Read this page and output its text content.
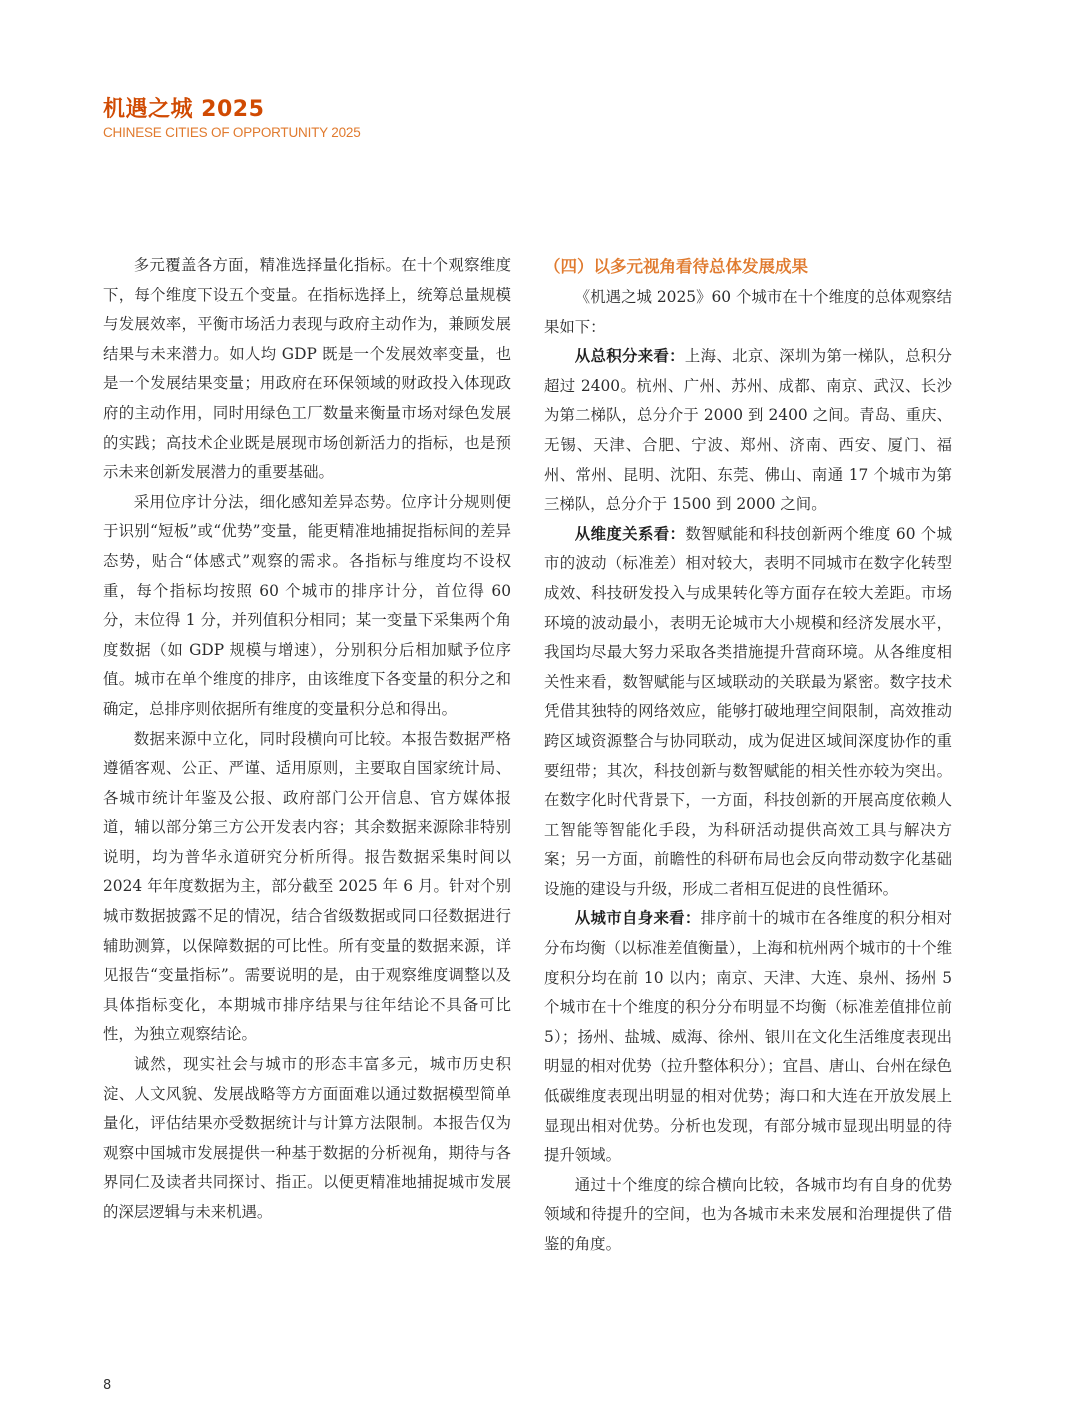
机遇之城 2025
CHINESE CITIES OF OPPORTUNITY 2025

多元覆盖各方面，精准选择量化指标。在十个观察维度下，每个维度下设五个变量。在指标选择上，统筹总量规模与发展效率，平衡市场活力表现与政府主动作为，兼顾发展结果与未来潜力。如人均 GDP 既是一个发展效率变量，也是一个发展结果变量；用政府在环保领域的财政投入体现政府的主动作用，同时用绿色工厂数量来衡量市场对绿色发展的实践；高技术企业既是展现市场创新活力的指标，也是预示未来创新发展潜力的重要基础。

采用位序计分法，细化感知差异态势。位序计分规则便于识别“短板”或“优势”变量，能更精准地捕捉指标间的差异态势，贴合“体感式”观察的需求。各指标与维度均不设权重，每个指标均按照 60 个城市的排序计分，首位得 60 分，末位得 1 分，并列值积分相同；某一变量下采集两个角度数据（如 GDP 规模与增速），分别积分后相加赋予位序值。城市在单个维度的排序，由该维度下各变量的积分之和确定，总排序则依据所有维度的变量积分总和得出。

数据来源中立化，同时段横向可比较。本报告数据严格遵循客观、公正、严谨、适用原则，主要取自国家统计局、各城市统计年鉴及公报、政府部门公开信息、官方媒体报道，辅以部分第三方公开发表内容；其余数据来源除非特别说明，均为普华永道研究分析所得。报告数据采集时间以 2024 年年度数据为主，部分截至 2025 年 6 月。针对个别城市数据披露不足的情况，结合省级数据或同口径数据进行辅助测算，以保障数据的可比性。所有变量的数据来源，详见报告“变量指标”。需要说明的是，由于观察维度调整以及具体指标变化，本期城市排序结果与往年结论不具备可比性，为独立观察结论。

诚然，现实社会与城市的形态丰富多元，城市历史积淀、人文风貌、发展战略等方方面面难以通过数据模型简单量化，评估结果亦受数据统计与计算方法限制。本报告仅为观察中国城市发展提供一种基于数据的分析视角，期待与各界同仁及读者共同探讨、指正。以便更精准地捕捉城市发展的深层逻辑与未来机遇。

（四）以多元视角看待总体发展成果

《机遇之城 2025》60 个城市在十个维度的总体观察结果如下：

从总积分来看：上海、北京、深圳为第一梯队，总积分超过 2400。杭州、广州、苏州、成都、南京、武汉、长沙为第二梯队，总分介于 2000 到 2400 之间。青岛、重庆、无锡、天津、合肥、宁波、郑州、济南、西安、厦门、福州、常州、昆明、沈阳、东莞、佛山、南通 17 个城市为第三梯队，总分介于 1500 到 2000 之间。

从维度关系看：数智赋能和科技创新两个维度 60 个城市的波动（标准差）相对较大，表明不同城市在数字化转型成效、科技研发投入与成果转化等方面存在较大差距。市场环境的波动最小，表明无论城市大小规模和经济发展水平，我国均尽最大努力采取各类措施提升营商环境。从各维度相关性来看，数智赋能与区域联动的关联最为紧密。数字技术凭借其独特的网络效应，能够打破地理空间限制，高效推动跨区域资源整合与协同联动，成为促进区域间深度协作的重要纽带；其次，科技创新与数智赋能的相关性亦较为突出。在数字化时代背景下，一方面，科技创新的开展高度依赖人工智能等智能化手段，为科研活动提供高效工具与解决方案；另一方面，前瞻性的科研布局也会反向带动数字化基础设施的建设与升级，形成二者相互促进的良性循环。

从城市自身来看：排序前十的城市在各维度的积分相对分布均衡（以标准差值衡量），上海和杭州两个城市的十个维度积分均在前 10 以内；南京、天津、大连、泉州、扬州 5 个城市在十个维度的积分分布明显不均衡（标准差值排位前 5）；扬州、盐城、威海、徐州、银川在文化生活维度表现出明显的相对优势（拉升整体积分）；宜昌、唐山、台州在绿色低碳维度表现出明显的相对优势；海口和大连在开放发展上显现出相对优势。分析也发现，有部分城市显现出明显的待提升领域。

通过十个维度的综合横向比较，各城市均有自身的优势领域和待提升的空间，也为各城市未来发展和治理提供了借鉴的角度。

8
